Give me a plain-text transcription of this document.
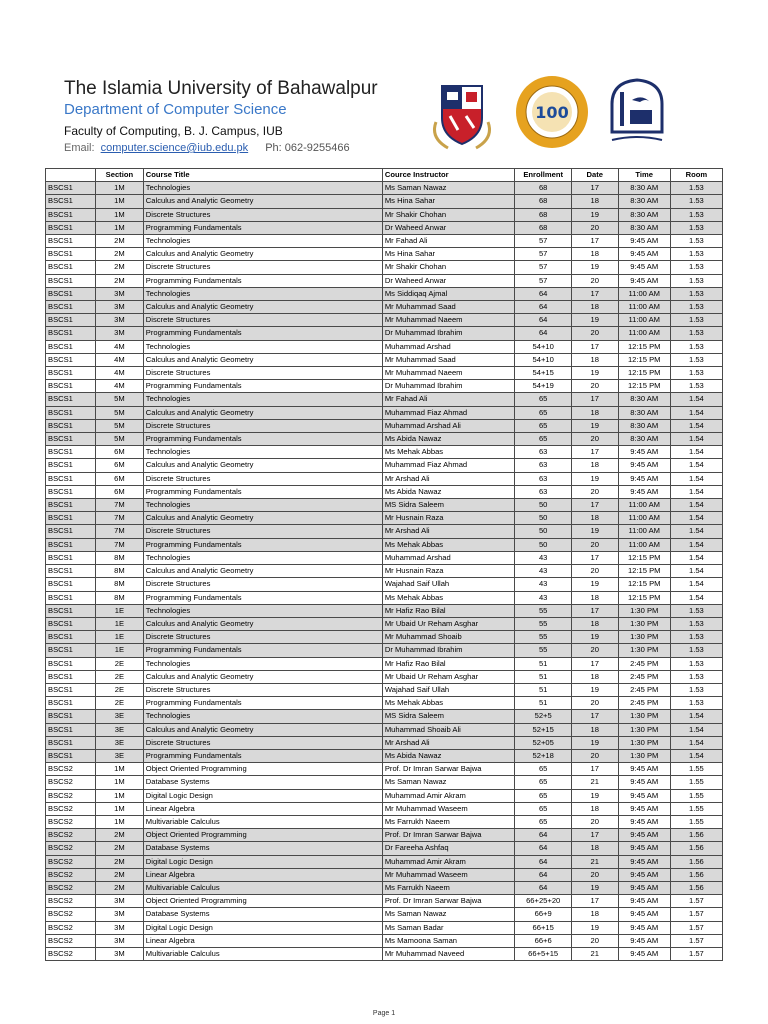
The Islamia University of Bahawalpur
Department of Computer Science
Faculty of Computing, B. J. Campus, IUB
Email: computer.science@iub.edu.pk Ph: 062-9255466
100
	Section	Course Title	Cource Instructor	Enrollment	Date	Time	Room
BSCS1	1M	Technologies	Ms Saman Nawaz	68	17	8:30 AM	1.53
BSCS1	1M	Calculus and Analytic Geometry	Ms Hina Sahar	68	18	8:30 AM	1.53
BSCS1	1M	Discrete Structures	Mr Shakir Chohan	68	19	8:30 AM	1.53
BSCS1	1M	Programming Fundamentals	Dr Waheed Anwar	68	20	8:30 AM	1.53
BSCS1	2M	Technologies	Mr Fahad Ali	57	17	9:45 AM	1.53
BSCS1	2M	Calculus and Analytic Geometry	Ms Hina Sahar	57	18	9:45 AM	1.53
BSCS1	2M	Discrete Structures	Mr Shakir Chohan	57	19	9:45 AM	1.53
BSCS1	2M	Programming Fundamentals	Dr Waheed Anwar	57	20	9:45 AM	1.53
BSCS1	3M	Technologies	Ms Siddiqaq Ajmal	64	17	11:00 AM	1.53
BSCS1	3M	Calculus and Analytic Geometry	Mr Muhammad Saad	64	18	11:00 AM	1.53
BSCS1	3M	Discrete Structures	Mr Muhammad Naeem	64	19	11:00 AM	1.53
BSCS1	3M	Programming Fundamentals	Dr Muhammad Ibrahim	64	20	11:00 AM	1.53
BSCS1	4M	Technologies	Muhammad Arshad	54+10	17	12:15 PM	1.53
BSCS1	4M	Calculus and Analytic Geometry	Mr Muhammad Saad	54+10	18	12:15 PM	1.53
BSCS1	4M	Discrete Structures	Mr Muhammad Naeem	54+15	19	12:15 PM	1.53
BSCS1	4M	Programming Fundamentals	Dr Muhammad Ibrahim	54+19	20	12:15 PM	1.53
BSCS1	5M	Technologies	Mr Fahad Ali	65	17	8:30 AM	1.54
BSCS1	5M	Calculus and Analytic Geometry	Muhammad Fiaz Ahmad	65	18	8:30 AM	1.54
BSCS1	5M	Discrete Structures	Muhammad Arshad Ali	65	19	8:30 AM	1.54
BSCS1	5M	Programming Fundamentals	Ms Abida Nawaz	65	20	8:30 AM	1.54
BSCS1	6M	Technologies	Ms Mehak Abbas	63	17	9:45 AM	1.54
BSCS1	6M	Calculus and Analytic Geometry	Muhammad Fiaz Ahmad	63	18	9:45 AM	1.54
BSCS1	6M	Discrete Structures	Mr Arshad Ali	63	19	9:45 AM	1.54
BSCS1	6M	Programming Fundamentals	Ms Abida Nawaz	63	20	9:45 AM	1.54
BSCS1	7M	Technologies	MS Sidra Saleem	50	17	11:00 AM	1.54
BSCS1	7M	Calculus and Analytic Geometry	Mr Husnain Raza	50	18	11:00 AM	1.54
BSCS1	7M	Discrete Structures	Mr Arshad Ali	50	19	11:00 AM	1.54
BSCS1	7M	Programming Fundamentals	Ms Mehak Abbas	50	20	11:00 AM	1.54
BSCS1	8M	Technologies	Muhammad Arshad	43	17	12:15 PM	1.54
BSCS1	8M	Calculus and Analytic Geometry	Mr Husnain Raza	43	20	12:15 PM	1.54
BSCS1	8M	Discrete Structures	Wajahad Saif Ullah	43	19	12:15 PM	1.54
BSCS1	8M	Programming Fundamentals	Ms Mehak Abbas	43	18	12:15 PM	1.54
BSCS1	1E	Technologies	Mr Hafiz Rao Bilal	55	17	1:30 PM	1.53
BSCS1	1E	Calculus and Analytic Geometry	Mr Ubaid Ur Reham Asghar	55	18	1:30 PM	1.53
BSCS1	1E	Discrete Structures	Mr Muhammad Shoaib	55	19	1:30 PM	1.53
BSCS1	1E	Programming Fundamentals	Dr Muhammad Ibrahim	55	20	1:30 PM	1.53
BSCS1	2E	Technologies	Mr Hafiz Rao Bilal	51	17	2:45 PM	1.53
BSCS1	2E	Calculus and Analytic Geometry	Mr Ubaid Ur Reham Asghar	51	18	2:45 PM	1.53
BSCS1	2E	Discrete Structures	Wajahad Saif Ullah	51	19	2:45 PM	1.53
BSCS1	2E	Programming Fundamentals	Ms Mehak Abbas	51	20	2:45 PM	1.53
BSCS1	3E	Technologies	MS Sidra Saleem	52+5	17	1:30 PM	1.54
BSCS1	3E	Calculus and Analytic Geometry	Muhammad Shoaib Ali	52+15	18	1:30 PM	1.54
BSCS1	3E	Discrete Structures	Mr Arshad Ali	52+05	19	1:30 PM	1.54
BSCS1	3E	Programming Fundamentals	Ms Abida Nawaz	52+18	20	1:30 PM	1.54
BSCS2	1M	Object Oriented Programming	Prof. Dr Imran Sarwar Bajwa	65	17	9:45 AM	1.55
BSCS2	1M	Database Systems	Ms Saman Nawaz	65	21	9:45 AM	1.55
BSCS2	1M	Digital Logic Design	Muhammad Amir Akram	65	19	9:45 AM	1.55
BSCS2	1M	Linear Algebra	Mr Muhammad Waseem	65	18	9:45 AM	1.55
BSCS2	1M	Multivariable Calculus	Ms Farrukh Naeem	65	20	9:45 AM	1.55
BSCS2	2M	Object Oriented Programming	Prof. Dr Imran Sarwar Bajwa	64	17	9:45 AM	1.56
BSCS2	2M	Database Systems	Dr Fareeha Ashfaq	64	18	9:45 AM	1.56
BSCS2	2M	Digital Logic Design	Muhammad Amir Akram	64	21	9:45 AM	1.56
BSCS2	2M	Linear Algebra	Mr Muhammad Waseem	64	20	9:45 AM	1.56
BSCS2	2M	Multivariable Calculus	Ms Farrukh Naeem	64	19	9:45 AM	1.56
BSCS2	3M	Object Oriented Programming	Prof. Dr Imran Sarwar Bajwa	66+25+20	17	9:45 AM	1.57
BSCS2	3M	Database Systems	Ms Saman Nawaz	66+9	18	9:45 AM	1.57
BSCS2	3M	Digital Logic Design	Ms Saman Badar	66+15	19	9:45 AM	1.57
BSCS2	3M	Linear Algebra	Ms Mamoona Saman	66+6	20	9:45 AM	1.57
BSCS2	3M	Multivariable Calculus	Mr Muhammad Naveed	66+5+15	21	9:45 AM	1.57
Page 1
